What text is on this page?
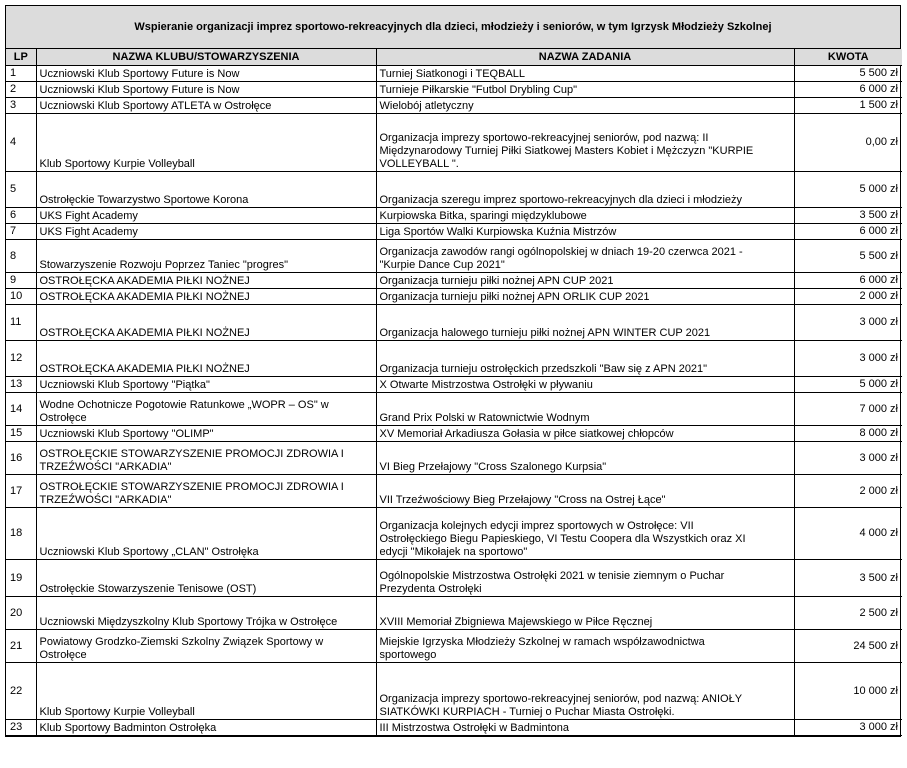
Wspieranie organizacji imprez sportowo-rekreacyjnych dla dzieci, młodzieży i seniorów, w tym Igrzysk Młodzieży Szkolnej
LP	NAZWA KLUBU/STOWARZYSZENIA	NAZWA ZADANIA	KWOTA
1	Uczniowski Klub Sportowy Future is Now	Turniej Siatkonogi i TEQBALL	5 500 zł
2	Uczniowski Klub Sportowy Future is Now	Turnieje Piłkarskie "Futbol Drybling Cup"	6 000 zł
3	Uczniowski Klub Sportowy ATLETA w Ostrołęce	Wielobój atletyczny	1 500 zł
4	Klub Sportowy Kurpie Volleyball	Organizacja imprezy sportowo-rekreacyjnej seniorów, pod nazwą: II
Międzynarodowy Turniej Piłki Siatkowej Masters Kobiet i Mężczyzn "KURPIE
VOLLEYBALL ".	0,00 zł
5	Ostrołęckie Towarzystwo Sportowe Korona	Organizacja szeregu imprez sportowo-rekreacyjnych dla dzieci i młodzieży	5 000 zł
6	UKS Fight Academy	Kurpiowska Bitka, sparingi międzyklubowe	3 500 zł
7	UKS Fight Academy	Liga Sportów Walki Kurpiowska Kuźnia Mistrzów	6 000 zł
8	Stowarzyszenie Rozwoju Poprzez Taniec "progres"	Organizacja zawodów rangi ogólnopolskiej w dniach 19-20 czerwca 2021 -
"Kurpie Dance Cup 2021"	5 500 zł
9	OSTROŁĘCKA AKADEMIA PIŁKI NOŻNEJ	Organizacja turnieju piłki nożnej APN CUP 2021	6 000 zł
10	OSTROŁĘCKA AKADEMIA PIŁKI NOŻNEJ	Organizacja turnieju piłki nożnej APN ORLIK CUP 2021	2 000 zł
11	OSTROŁĘCKA AKADEMIA PIŁKI NOŻNEJ	Organizacja halowego turnieju piłki nożnej APN WINTER CUP 2021	3 000 zł
12	OSTROŁĘCKA AKADEMIA PIŁKI NOŻNEJ	Organizacja turnieju ostrołęckich przedszkoli "Baw się z APN 2021"	3 000 zł
13	Uczniowski Klub Sportowy "Piątka"	X Otwarte Mistrzostwa Ostrołęki w pływaniu	5 000 zł
14	Wodne Ochotnicze Pogotowie Ratunkowe „WOPR – OS" w
Ostrołęce	Grand Prix Polski w Ratownictwie Wodnym	7 000 zł
15	Uczniowski Klub Sportowy "OLIMP"	XV Memoriał Arkadiusza Gołasia w piłce siatkowej chłopców	8 000 zł
16	OSTROŁĘCKIE STOWARZYSZENIE PROMOCJI ZDROWIA I
TRZEŹWOŚCI "ARKADIA"	VI Bieg Przełajowy "Cross Szalonego Kurpsia"	3 000 zł
17	OSTROŁĘCKIE STOWARZYSZENIE PROMOCJI ZDROWIA I
TRZEŹWOŚCI "ARKADIA"	VII Trzeźwościowy Bieg Przełajowy "Cross na Ostrej Łące"	2 000 zł
18	Uczniowski Klub Sportowy „CLAN" Ostrołęka	Organizacja kolejnych edycji imprez sportowych w Ostrołęce: VII
Ostrołęckiego Biegu Papieskiego, VI Testu Coopera dla Wszystkich oraz XI
edycji "Mikołajek na sportowo"	4 000 zł
19	Ostrołęckie Stowarzyszenie Tenisowe (OST)	Ogólnopolskie Mistrzostwa Ostrołęki 2021 w tenisie ziemnym o Puchar
Prezydenta Ostrołęki	3 500 zł
20	Uczniowski Międzyszkolny Klub Sportowy Trójka w Ostrołęce	XVIII Memoriał Zbigniewa Majewskiego w Piłce Ręcznej	2 500 zł
21	Powiatowy Grodzko-Ziemski Szkolny Związek Sportowy w
Ostrołęce	Miejskie Igrzyska Młodzieży Szkolnej w ramach współzawodnictwa
sportowego	24 500 zł
22	Klub Sportowy Kurpie Volleyball	Organizacja imprezy sportowo-rekreacyjnej seniorów, pod nazwą: ANIOŁY
SIATKÓWKI KURPIACH - Turniej o Puchar Miasta Ostrołęki.	10 000 zł
23	Klub Sportowy Badminton Ostrołęka	III Mistrzostwa Ostrołęki w Badmintona	3 000 zł
